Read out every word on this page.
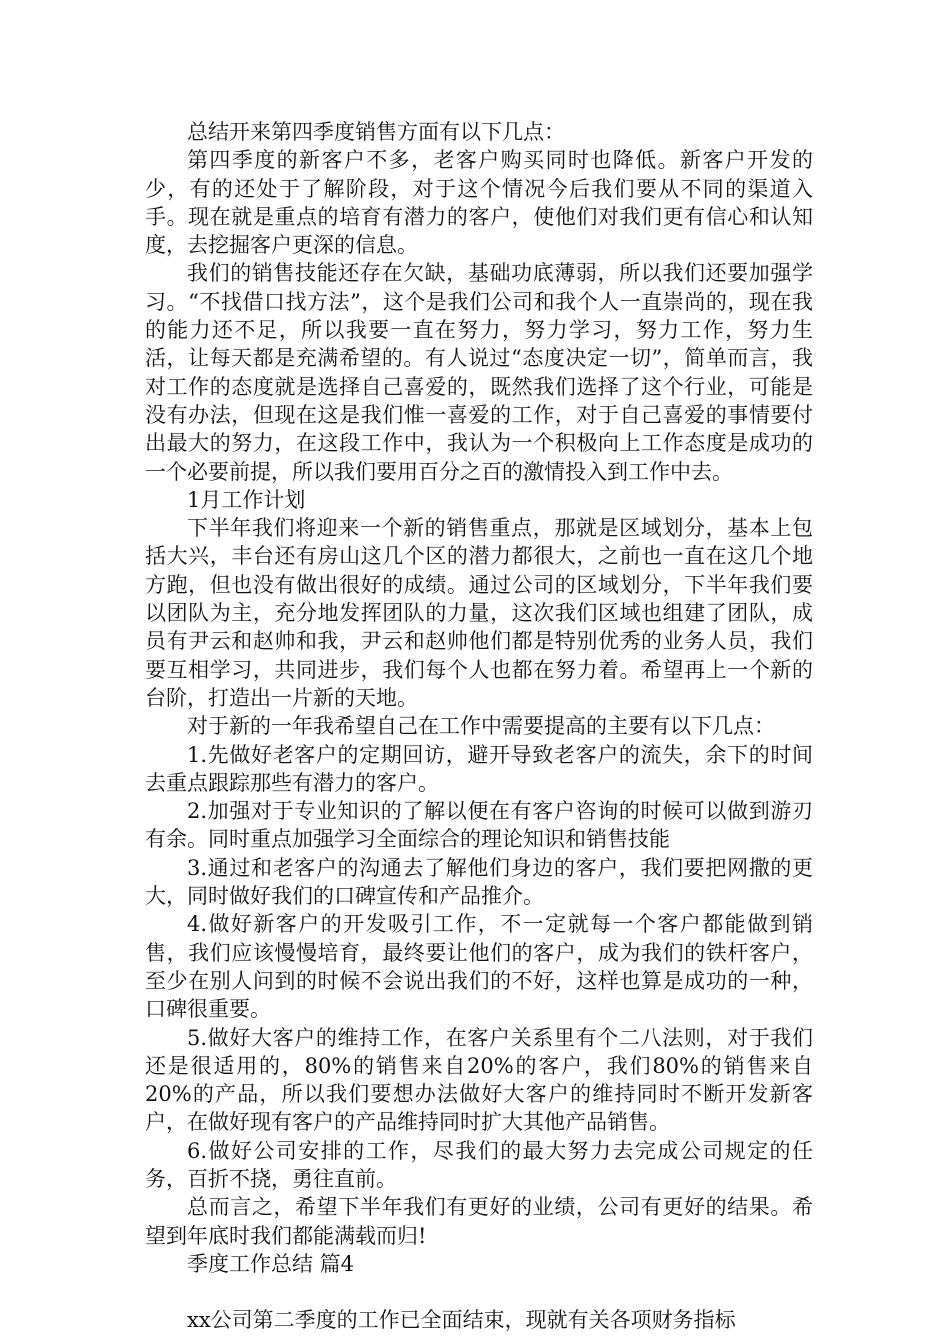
总结开来第四季度销售方面有以下几点：

第四季度的新客户不多，老客户购买同时也降低。新客户开发的少，有的还处于了解阶段，对于这个情况今后我们要从不同的渠道入手。现在就是重点的培育有潜力的客户，使他们对我们更有信心和认知度，去挖掘客户更深的信息。

我们的销售技能还存在欠缺，基础功底薄弱，所以我们还要加强学习。“不找借口找方法”，这个是我们公司和我个人一直崇尚的，现在我的能力还不足，所以我要一直在努力，努力学习，努力工作，努力生活，让每天都是充满希望的。有人说过“态度决定一切”，简单而言，我对工作的态度就是选择自己喜爱的，既然我们选择了这个行业，可能是没有办法，但现在这是我们惟一喜爱的工作，对于自己喜爱的事情要付出最大的努力，在这段工作中，我认为一个积极向上工作态度是成功的一个必要前提，所以我们要用百分之百的激情投入到工作中去。

1月工作计划

下半年我们将迎来一个新的销售重点，那就是区域划分，基本上包括大兴，丰台还有房山这几个区的潜力都很大，之前也一直在这几个地方跑，但也没有做出很好的成绩。通过公司的区域划分，下半年我们要以团队为主，充分地发挥团队的力量，这次我们区域也组建了团队，成员有尹云和赵帅和我，尹云和赵帅他们都是特别优秀的业务人员，我们要互相学习，共同进步，我们每个人也都在努力着。希望再上一个新的台阶，打造出一片新的天地。

对于新的一年我希望自己在工作中需要提高的主要有以下几点：

1.先做好老客户的定期回访，避开导致老客户的流失，余下的时间去重点跟踪那些有潜力的客户。

2.加强对于专业知识的了解以便在有客户咨询的时候可以做到游刃有余。同时重点加强学习全面综合的理论知识和销售技能

3.通过和老客户的沟通去了解他们身边的客户，我们要把网撒的更大，同时做好我们的口碑宣传和产品推介。

4.做好新客户的开发吸引工作，不一定就每一个客户都能做到销售，我们应该慢慢培育，最终要让他们的客户，成为我们的铁杆客户，至少在别人问到的时候不会说出我们的不好，这样也算是成功的一种，口碑很重要。

5.做好大客户的维持工作，在客户关系里有个二八法则，对于我们还是很适用的，80%的销售来自20%的客户，我们80%的销售来自20%的产品，所以我们要想办法做好大客户的维持同时不断开发新客户，在做好现有客户的产品维持同时扩大其他产品销售。

6.做好公司安排的工作，尽我们的最大努力去完成公司规定的任务，百折不挠，勇往直前。

总而言之，希望下半年我们有更好的业绩，公司有更好的结果。希望到年底时我们都能满载而归!

季度工作总结 篇4

xx公司第二季度的工作已全面结束，现就有关各项财务指标
